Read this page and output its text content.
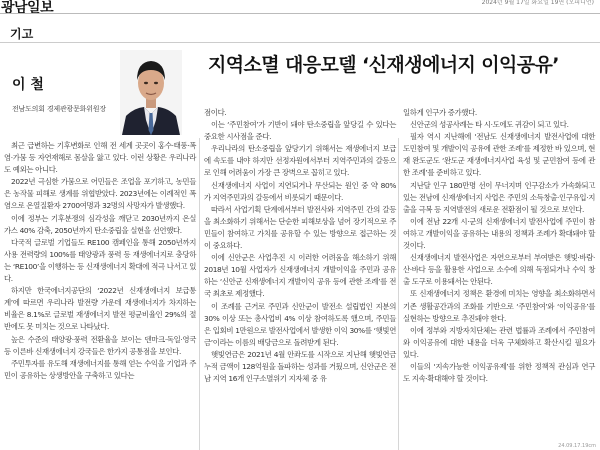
광남일보	2024년 9월 17일 화요일 19면 (오피니언)
기고
이 철
전남도의회 경제관광문화위원장
지역소멸 대응모델 ‘신재생에너지 이익공유’

최근 급변하는 기후변화로 인해 전 세계 곳곳이 홍수·태풍·폭염·가뭄 등 자연재해로 몸살을 앓고 있다. 이런 상황은 우리나라도 예외는 아니다.

2022년 극심한 가뭄으로 어민들은 조업을 포기하고, 농민들은 농작물 피해로 생계를 위협받았다. 2023년에는 이례적인 폭염으로 온열질환자 2700여명과 32명의 사망자가 발생했다.

이에 정부는 기후분쟁의 심각성을 깨닫고 2030년까지 온실가스 40% 감축, 2050년까지 탄소중립을 실현을 선언했다.

다국적 글로벌 기업들도 RE100 캠페인을 통해 2050년까지 사용 전력량의 100%를 태양광과 풍력 등 재생에너지로 충당하는 ‘RE100’을 이행하는 등 신재생에너지 확대에 적극 나서고 있다.

하지만 한국에너지공단의 ‘2022년 신재생에너지 보급통계’에 따르면 우리나라 발전량 가운데 재생에너지가 차지하는 비율은 8.1%로 글로벌 재생에너지 발전 평균비율인 29%의 절반에도 못 미치는 것으로 나타났다.

높은 수준의 태양광·풍력 전환율을 보이는 덴마크·독일·영국 등 이른바 신재생에너지 강국들은 한가지 공통점을 보인다.

주민투자를 유도해 재생에너지를 통해 얻는 수익을 기업과 주민이 공유하는 상생방안을 구축하고 있다는

점이다.

이는 ‘주민참여’가 기반이 돼야 탄소중립을 앞당길 수 있다는 중요한 시사점을 준다.

우리나라의 탄소중립을 앞당기기 위해서는 재생에너지 보급에 속도를 내야 하지만 선정자원에서부터 지역주민과의 갈등으로 인해 어려움이 가장 큰 장벽으로 꼽히고 있다.

신재생에너지 사업이 지연되거나 무산되는 원인 중 약 80%가 지역주민과의 갈등에서 비롯되기 때문이다.

따라서 사업기획 단계에서부터 발전사와 지역주민 간의 갈등을 최소화하기 위해서는 단순한 피해보상을 넘어 장기적으로 주민들이 참여하고 가치를 공유할 수 있는 방향으로 접근하는 것이 중요하다.

이에 신안군은 사업추진 시 이러한 어려움을 해소하기 위해 2018년 10월 사업자가 신재생에너지 개발이익을 주민과 공유하는 ‘신안군 신재생에너지 개발이익 공유 등에 관한 조례’를 전국 최초로 제정했다.

이 조례를 근거로 주민과 신안군이 발전소 설립법인 지분의 30% 이상 또는 총사업비 4% 이상 참여하도록 했으며, 주민들은 입회비 1만원으로 발전사업에서 발생한 이익 30%를 ‘햇빛연금’이라는 이름의 배당금으로 돌려받게 된다.

햇빛연금은 2021년 4월 안좌도를 시작으로 지난해 햇빛연금 누적 금액이 128억원을 돌파하는 성과를 거뒀으며, 신안군은 전남 지역 16개 인구소멸위기 지자체 중 유

일하게 인구가 증가했다.

신안군의 성공사례는 타 시·도에도 귀감이 되고 있다.

필자 역시 지난해에 ‘전남도 신재생에너지 발전사업에 대한 도민참여 및 개발이익 공유에 관한 조례’를 제정한 바 있으며, 현재 완도군도 ‘완도군 재생에너지사업 육성 및 군민참여 등에 관한 조례’를 준비하고 있다.

지난달 인구 180만명 선이 무너지며 인구감소가 가속화되고 있는 전남에 신재생에너지 사업은 주민의 소득창출·인구유입·지출을 극복 등 지역발전의 새로운 전환점이 될 것으로 보인다.

이에 전남 22개 시·군의 신재생에너지 발전사업에 주민이 참여하고 개발이익을 공유하는 내용의 정책과 조례가 확대돼야 할 것이다.

신재생에너지 발전사업은 자연으로부터 부여받은 햇빛·바람·산·바다 등을 활용한 사업으로 소수에 의해 독점되거나 수익 창출 도구로 이용돼서는 안된다.

또 신재생에너지 정책은 환경에 미치는 영향을 최소화하면서 기존 생활공간과의 조화를 기반으로 ‘주민참여’와 ‘이익공유’를 실현하는 방향으로 추진돼야 한다.

이에 정부와 지방자치단체는 관련 법률과 조례에서 주민참여와 이익공유에 대한 내용을 더욱 구체화하고 확산시킬 필요가 있다.

이들의 ‘지속가능한 이익공유제’를 위한 정책적 관심과 연구도 지속·확대해야 할 것이다.

24.09.17.19cm
